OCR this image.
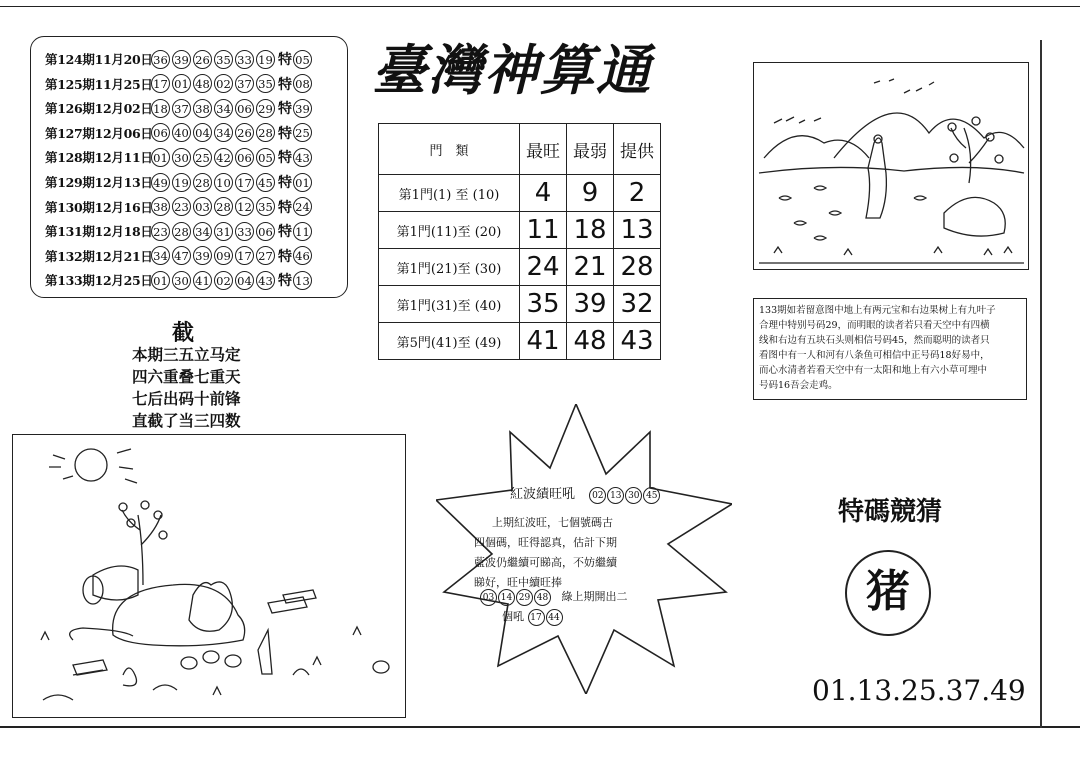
第124期11月20日 36 39 26 35 33 19 特 05
第125期11月25日 17 01 48 02 37 35 特 08
第126期12月02日 18 37 38 34 06 29 特 39
第127期12月06日 06 40 04 34 26 28 特 25
第128期12月11日 01 30 25 42 06 05 特 43
第129期12月13日 49 19 28 10 17 45 特 01
第130期12月16日 38 23 03 28 12 35 特 24
第131期12月18日 23 28 34 31 33 06 特 11
第132期12月21日 34 47 39 09 17 27 特 46
第133期12月25日 01 30 41 02 04 43 特 13
臺灣神算通
門　類	最旺	最弱	提供
第1門(1) 至 (10)	4	9	2
第1門(11)至 (20)	11	18	13
第1門(21)至 (30)	24	21	28
第1門(31)至 (40)	35	39	32
第5門(41)至 (49)	41	48	43
截
本期三五立马定
四六重叠七重天
七后出码十前锋
直截了当三四数
133期如若留意图中地上有两元宝和右边果树上有九叶子
合理中特别号码29，而明眼的读者若只看天空中有四横
线和右边有五块石头则相信号码45，然而聪明的读者只
看图中有一人和河有八条鱼可相信中正号码18好易中，
而心水清者若看天空中有一太阳和地上有六小草可埋中
号码16吾会走鸡。
紅波績旺吼 02 13 30 45
上期紅波旺，七個號碼古
四個碼，旺得認真，估計下期
藍波仍繼續可睇高，不妨繼續
睇好，旺中續旺捧
03 14 29 48 綠上期開出二
個吼 17 44
特碼競猜
猪
01.13.25.37.49
